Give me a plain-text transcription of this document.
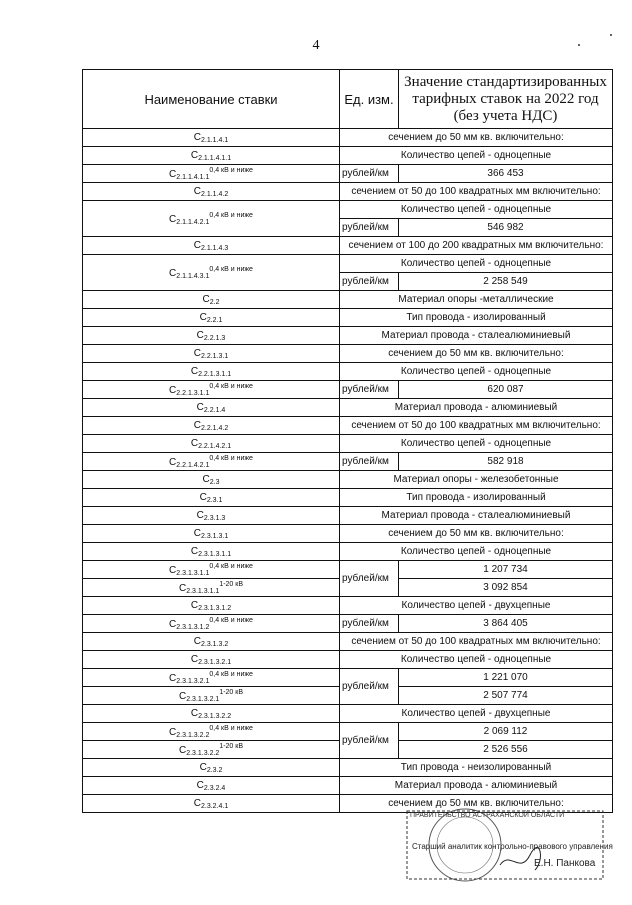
4
Наименование ставки	Ед. изм.	Значение стандартизированных тарифных ставок на 2022 год (без учета НДС)
$C_{2.1.1.4.1}$	сечением до 50 мм кв. включительно:	
$C_{2.1.1.4.1.1}$	Количество цепей - одноцепные	
$C_{2.1.1.4.1.1}^{0,4 кВ и ниже}$	рублей/км	366 453
$C_{2.1.1.4.2}$	сечением от 50 до 100 квадратных мм включительно:	
$C_{2.1.1.4.2.1}^{0,4 кВ и ниже}$	Количество цепей - одноцепные	
	рублей/км	546 982
$C_{2.1.1.4.3}$	сечением от 100 до 200 квадратных мм включительно:	
$C_{2.1.1.4.3.1}^{0,4 кВ и ниже}$	Количество цепей - одноцепные	
	рублей/км	2 258 549
$C_{2.2}$	Материал опоры -металлические	
$C_{2.2.1}$	Тип провода - изолированный	
$C_{2.2.1.3}$	Материал провода - сталеалюминиевый	
$C_{2.2.1.3.1}$	сечением до 50 мм кв. включительно:	
$C_{2.2.1.3.1.1}$	Количество цепей - одноцепные	
$C_{2.2.1.3.1.1}^{0,4 кВ и ниже}$	рублей/км	620 087
$C_{2.2.1.4}$	Материал провода - алюминиевый	
$C_{2.2.1.4.2}$	сечением от 50 до 100 квадратных мм включительно:	
$C_{2.2.1.4.2.1}$	Количество цепей - одноцепные	
$C_{2.2.1.4.2.1}^{0,4 кВ и ниже}$	рублей/км	582 918
$C_{2.3}$	Материал опоры - железобетонные	
$C_{2.3.1}$	Тип провода - изолированный	
$C_{2.3.1.3}$	Материал провода - сталеалюминиевый	
$C_{2.3.1.3.1}$	сечением до 50 мм кв. включительно:	
$C_{2.3.1.3.1.1}$	Количество цепей - одноцепные	
$C_{2.3.1.3.1.1}^{0,4 кВ и ниже}$	рублей/км	1 207 734
$C_{2.3.1.3.1.1}^{1-20 кВ}$		3 092 854
$C_{2.3.1.3.1.2}$	Количество цепей - двухцепные	
$C_{2.3.1.3.1.2}^{0,4 кВ и ниже}$	рублей/км	3 864 405
$C_{2.3.1.3.2}$	сечением от 50 до 100 квадратных мм включительно:	
$C_{2.3.1.3.2.1}$	Количество цепей - одноцепные	
$C_{2.3.1.3.2.1}^{0,4 кВ и ниже}$	рублей/км	1 221 070
$C_{2.3.1.3.2.1}^{1-20 кВ}$		2 507 774
$C_{2.3.1.3.2.2}$	Количество цепей - двухцепные	
$C_{2.3.1.3.2.2}^{0,4 кВ и ниже}$	рублей/км	2 069 112
$C_{2.3.1.3.2.2}^{1-20 кВ}$		2 526 556
$C_{2.3.2}$	Тип провода - неизолированный	
$C_{2.3.2.4}$	Материал провода - алюминиевый	
$C_{2.3.2.4.1}$	сечением до 50 мм кв. включительно:	
ПРАВИТЕЛЬСТВО АСТРАХАНСКОЙ ОБЛАСТИ
Старший аналитик контрольно-правового управления
Е.Н. Панкова
